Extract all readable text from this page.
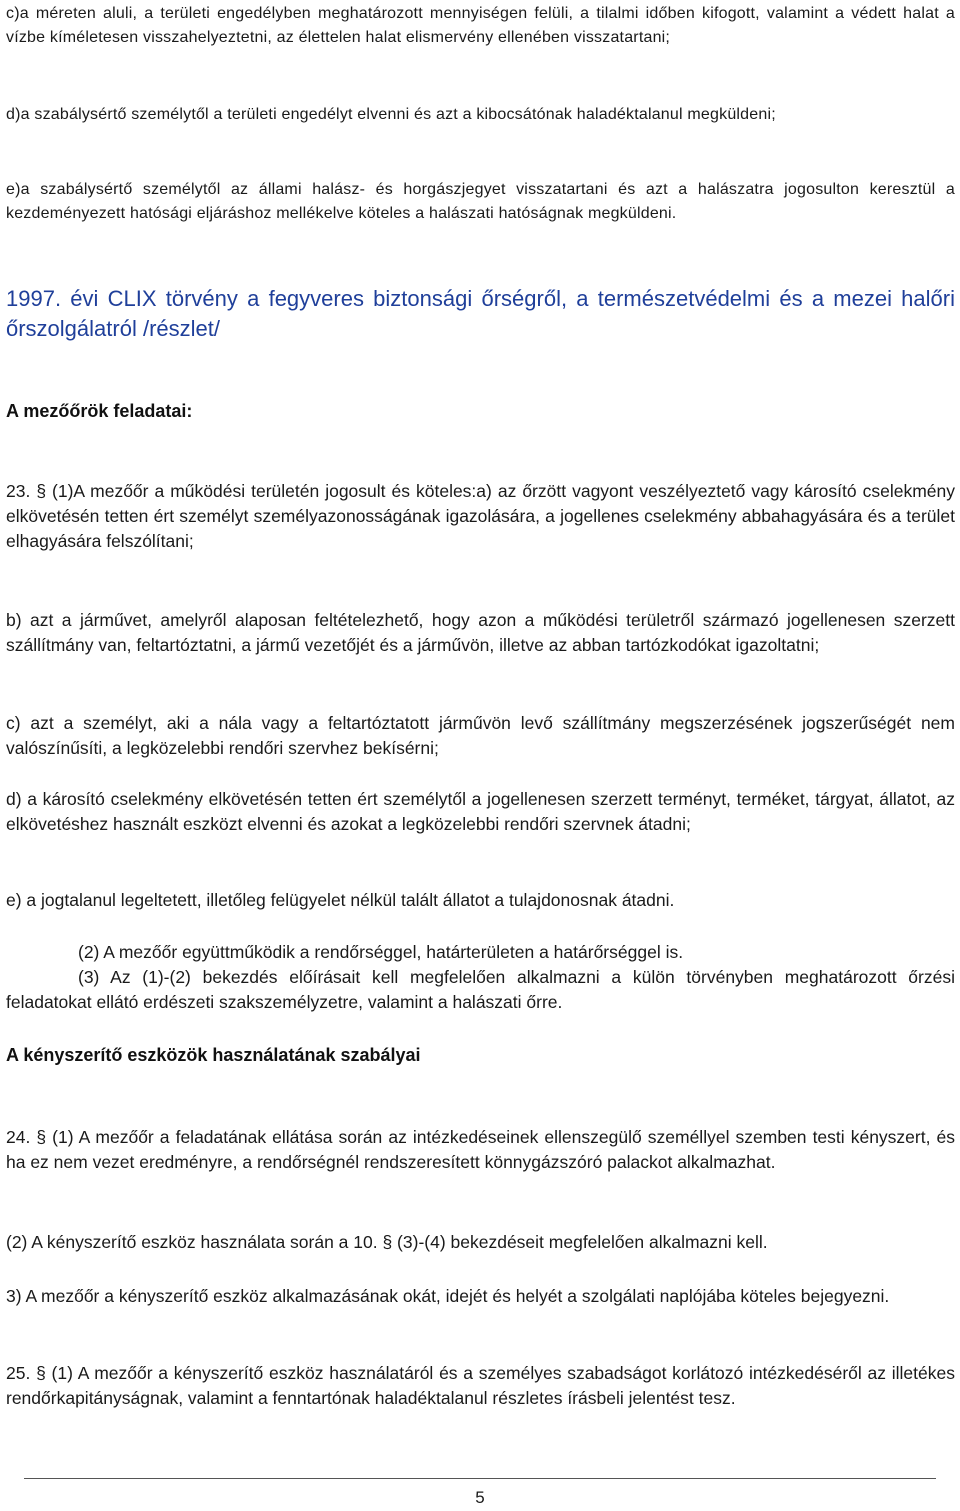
c)a méreten aluli, a területi engedélyben meghatározott mennyiségen felüli, a tilalmi időben kifogott, valamint a védett halat a vízbe kíméletesen visszahelyeztetni, az élettelen halat elismervény ellenében visszatartani;

d)a szabálysértő személytől a területi engedélyt elvenni és azt a kibocsátónak haladéktalanul megküldeni;

e)a szabálysértő személytől az állami halász- és horgászjegyet visszatartani és azt a halászatra jogosulton keresztül a kezdeményezett hatósági eljáráshoz mellékelve köteles a halászati hatóságnak megküldeni.

1997. évi CLIX törvény a fegyveres biztonsági őrségről, a természetvédelmi és a mezei halőri őrszolgálatról /részlet/

A mezőőrök feladatai:

23. § (1)A mezőőr a működési területén jogosult és köteles:a) az őrzött vagyont veszélyeztető vagy károsító cselekmény elkövetésén tetten ért személyt személyazonosságának igazolására, a jogellenes cselekmény abbahagyására és a terület elhagyására felszólítani;

b) azt a járművet, amelyről alaposan feltételezhető, hogy azon a működési területről származó jogellenesen szerzett szállítmány van, feltartóztatni, a jármű vezetőjét és a járművön, illetve az abban tartózkodókat igazoltatni;

c) azt a személyt, aki a nála vagy a feltartóztatott járművön levő szállítmány megszerzésének jogszerűségét nem valószínűsíti, a legközelebbi rendőri szervhez bekísérni;

d) a károsító cselekmény elkövetésén tetten ért személytől a jogellenesen szerzett terményt, terméket, tárgyat, állatot, az elkövetéshez használt eszközt elvenni és azokat a legközelebbi rendőri szervnek átadni;

e) a jogtalanul legeltetett, illetőleg felügyelet nélkül talált állatot a tulajdonosnak átadni.

(2) A mezőőr együttműködik a rendőrséggel, határterületen a határőrséggel is.

(3) Az (1)-(2) bekezdés előírásait kell megfelelően alkalmazni a külön törvényben meghatározott őrzési feladatokat ellátó erdészeti szakszemélyzetre, valamint a halászati őrre.

A kényszerítő eszközök használatának szabályai

24. § (1) A mezőőr a feladatának ellátása során az intézkedéseinek ellenszegülő személlyel szemben testi kényszert, és ha ez nem vezet eredményre, a rendőrségnél rendszeresített könnygázszóró palackot alkalmazhat.

(2) A kényszerítő eszköz használata során a 10. § (3)-(4) bekezdéseit megfelelően alkalmazni kell.

3) A mezőőr a kényszerítő eszköz alkalmazásának okát, idejét és helyét a szolgálati naplójába köteles bejegyezni.

25. § (1) A mezőőr a kényszerítő eszköz használatáról és a személyes szabadságot korlátozó intézkedéséről az illetékes rendőrkapitányságnak, valamint a fenntartónak haladéktalanul részletes írásbeli jelentést tesz.

5
